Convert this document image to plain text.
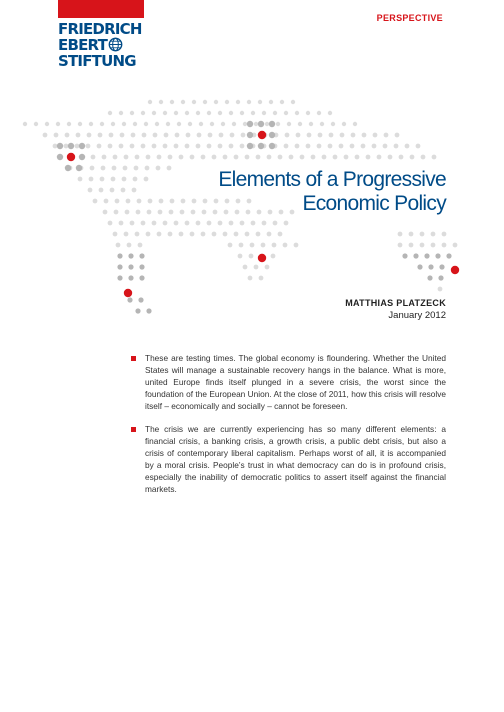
FRIEDRICH
EBERT
STIFTUNG
PERSPECTIVE
Elements of a Progressive
Economic Policy
MATTHIAS PLATZECK
January 2012
These are testing times. The global economy is floundering. Whether the United States will manage a sustainable recovery hangs in the balance. What is more, united Europe finds itself plunged in a severe crisis, the worst since the foundation of the European Union. At the close of 2011, how this crisis will resolve itself – economically and socially – cannot be foreseen.
The crisis we are currently experiencing has so many different elements: a financial crisis, a banking crisis, a growth crisis, a public debt crisis, but also a crisis of contemporary liberal capitalism. Perhaps worst of all, it is accompanied by a moral crisis. People’s trust in what democracy can do is in profound crisis, especially the inability of democratic politics to assert itself against the financial markets.
